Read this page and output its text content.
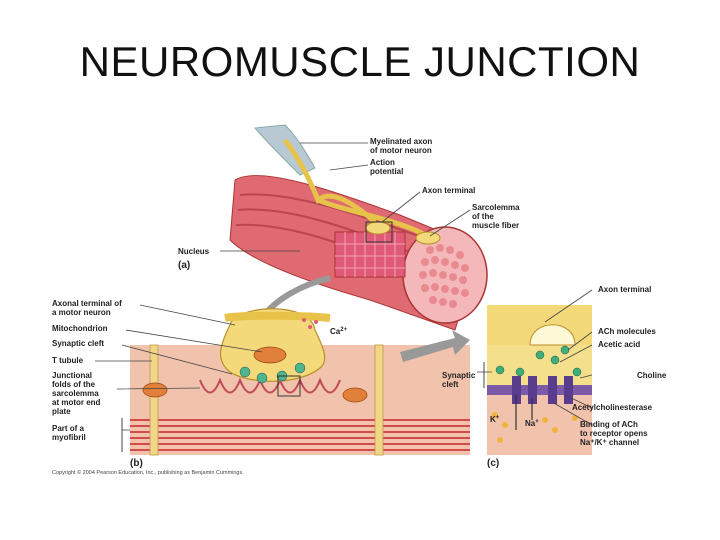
NEUROMUSCLE JUNCTION
Myelinated axon
of motor neuron
Action
potential
Axon terminal
Sarcolemma
of the
muscle fiber
Nucleus
(a)
Axonal terminal of
a motor neuron
Mitochondrion
Synaptic cleft
T tubule
Junctional
folds of the
sarcolemma
at motor end
plate
Part of a
myofibril
$Ca^{2+}$
(b)
Axon terminal
ACh molecules
Acetic acid
Choline
Synaptic
cleft
Acetylcholinesterase
K+
Na+	Binding of ACh
to receptor opens
Na⁺/K⁺ channel
(c)
Copyright © 2004 Pearson Education, Inc., publishing as Benjamin Cummings.
